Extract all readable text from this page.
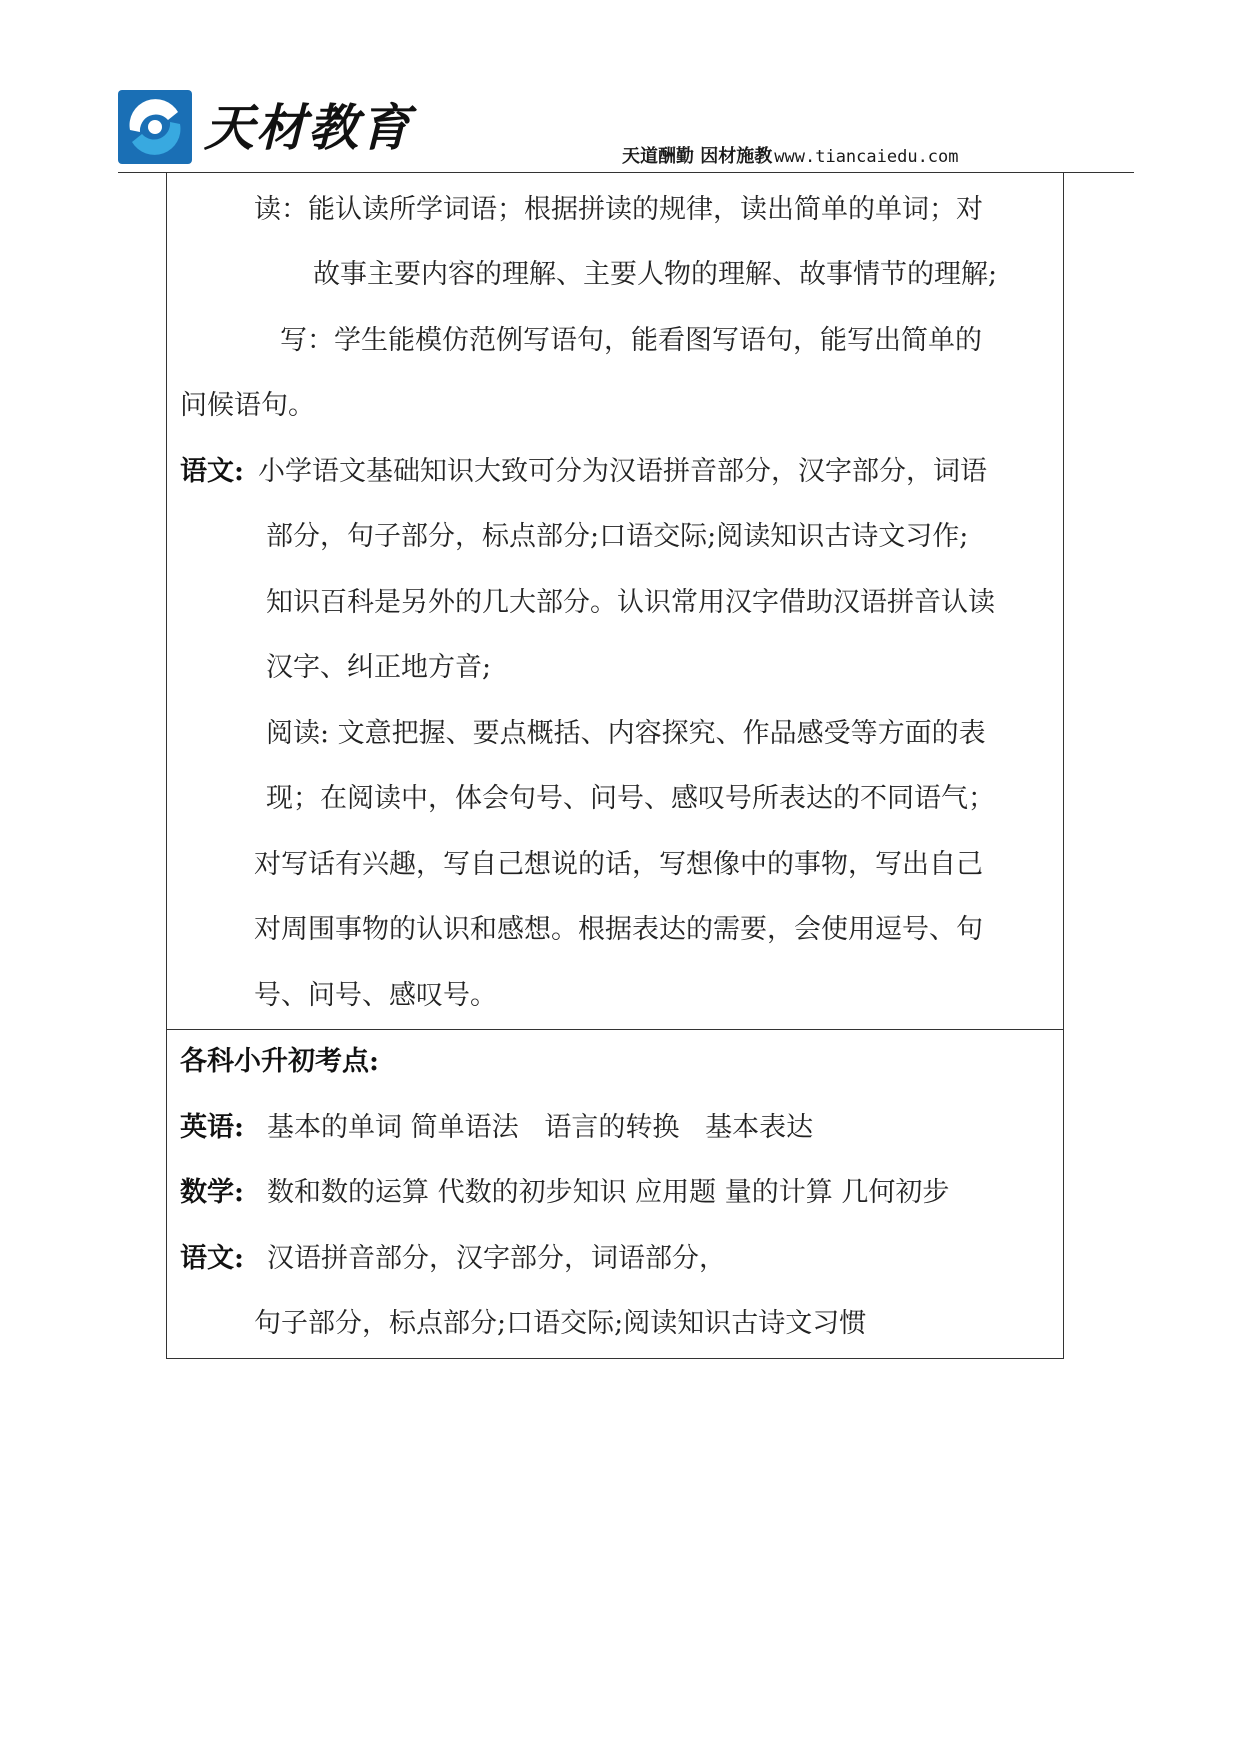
天材教育	天道酬勤 因材施教 www.tiancaiedu.com
读：能认读所学词语；根据拼读的规律，读出简单的单词；对
故事主要内容的理解、主要人物的理解、故事情节的理解;
写：学生能模仿范例写语句，能看图写语句，能写出简单的
问候语句。
语文: 小学语文基础知识大致可分为汉语拼音部分，汉字部分，词语
部分，句子部分，标点部分;口语交际;阅读知识古诗文习作;
知识百科是另外的几大部分。认识常用汉字借助汉语拼音认读
汉字、纠正地方音;
阅读: 文意把握、要点概括、内容探究、作品感受等方面的表
现；在阅读中，体会句号、问号、感叹号所表达的不同语气；
对写话有兴趣，写自己想说的话，写想像中的事物，写出自己
对周围事物的认识和感想。根据表达的需要，会使用逗号、句
号、问号、感叹号。
各科小升初考点:
英语: 基本的单词 简单语法   语言的转换   基本表达
数学: 数和数的运算 代数的初步知识 应用题 量的计算 几何初步
语文: 汉语拼音部分，汉字部分，词语部分，
句子部分，标点部分;口语交际;阅读知识古诗文习惯
